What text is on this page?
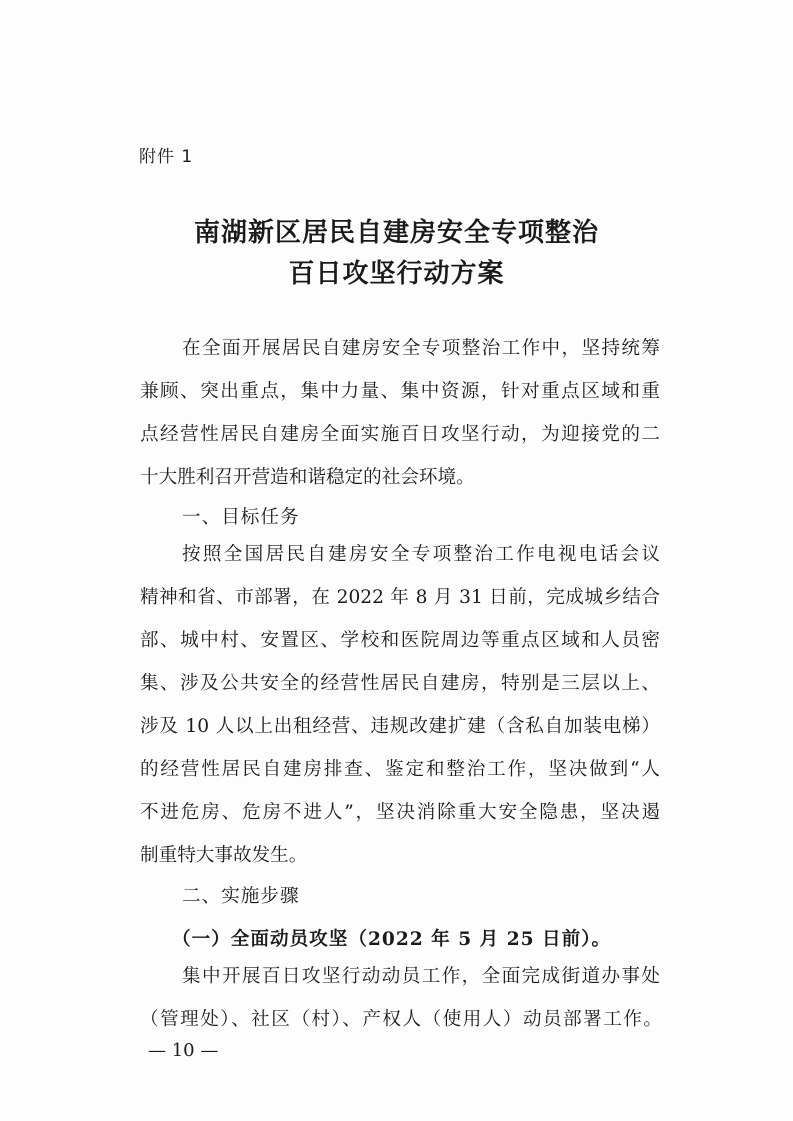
附件 1
南湖新区居民自建房安全专项整治
百日攻坚行动方案
在全面开展居民自建房安全专项整治工作中，坚持统筹
兼顾、突出重点，集中力量、集中资源，针对重点区域和重
点经营性居民自建房全面实施百日攻坚行动，为迎接党的二
十大胜利召开营造和谐稳定的社会环境。
一、目标任务
按照全国居民自建房安全专项整治工作电视电话会议
精神和省、市部署，在 2022 年 8 月 31 日前，完成城乡结合
部、城中村、安置区、学校和医院周边等重点区域和人员密
集、涉及公共安全的经营性居民自建房，特别是三层以上、
涉及 10 人以上出租经营、违规改建扩建（含私自加装电梯）
的经营性居民自建房排查、鉴定和整治工作，坚决做到“人
不进危房、危房不进人”，坚决消除重大安全隐患，坚决遏
制重特大事故发生。
二、实施步骤
（一）全面动员攻坚（2022 年 5 月 25 日前）。
集中开展百日攻坚行动动员工作，全面完成街道办事处
（管理处）、社区（村）、产权人（使用人）动员部署工作。
— 10 —
